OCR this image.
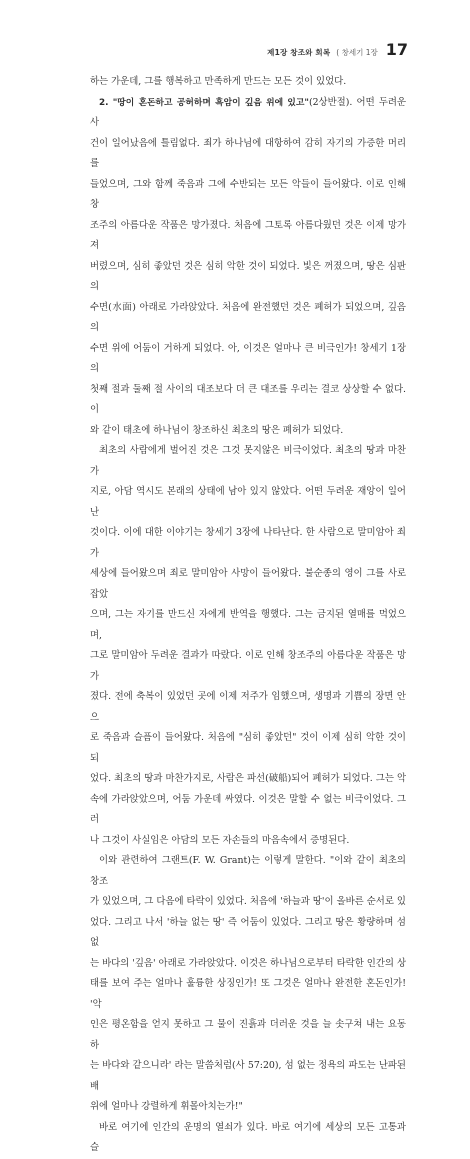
제1장 창조와 회복 ( 창세기 1장 17
하는 가운데, 그를 행복하고 만족하게 만드는 모든 것이 있었다.
2. "땅이 혼돈하고 공허하며 흑암이 깊음 위에 있고"(2상반절). 어떤 두려운 사
건이 일어났음에 틀림없다. 죄가 하나님에 대항하여 감히 자기의 가증한 머리를
들었으며, 그와 함께 죽음과 그에 수반되는 모든 악들이 들어왔다. 이로 인해 창
조주의 아름다운 작품은 망가졌다. 처음에 그토록 아름다웠던 것은 이제 망가져
버렸으며, 심히 좋았던 것은 심히 악한 것이 되었다. 빛은 꺼졌으며, 땅은 심판의
수면(水面) 아래로 가라앉았다. 처음에 완전했던 것은 폐허가 되었으며, 깊음의
수면 위에 어둠이 거하게 되었다. 아, 이것은 얼마나 큰 비극인가! 창세기 1장의
첫째 절과 둘째 절 사이의 대조보다 더 큰 대조를 우리는 결코 상상할 수 없다. 이
와 같이 태초에 하나님이 창조하신 최초의 땅은 폐허가 되었다.
최초의 사람에게 벌어진 것은 그것 못지않은 비극이었다. 최초의 땅과 마찬가
지로, 아담 역시도 본래의 상태에 남아 있지 않았다. 어떤 두려운 재앙이 일어난
것이다. 이에 대한 이야기는 창세기 3장에 나타난다. 한 사람으로 말미암아 죄가
세상에 들어왔으며 죄로 말미암아 사망이 들어왔다. 불순종의 영이 그를 사로잡았
으며, 그는 자기를 만드신 자에게 반역을 행했다. 그는 금지된 열매를 먹었으며,
그로 말미암아 두려운 결과가 따랐다. 이로 인해 창조주의 아름다운 작품은 망가
졌다. 전에 축복이 있었던 곳에 이제 저주가 임했으며, 생명과 기쁨의 장면 안으
로 죽음과 슬픔이 들어왔다. 처음에 "심히 좋았던" 것이 이제 심히 악한 것이 되
었다. 최초의 땅과 마찬가지로, 사람은 파선(破船)되어 폐허가 되었다. 그는 악
속에 가라앉았으며, 어둠 가운데 싸였다. 이것은 말할 수 없는 비극이었다. 그러
나 그것이 사실임은 아담의 모든 자손들의 마음속에서 증명된다.
이와 관련하여 그랜트(F. W. Grant)는 이렇게 말한다. "이와 같이 최초의 창조
가 있었으며, 그 다음에 타락이 있었다. 처음에 '하늘과 땅'이 올바른 순서로 있
었다. 그리고 나서 '하늘 없는 땅' 즉 어둠이 있었다. 그리고 땅은 황량하며 섬 없
는 바다의 '깊음' 아래로 가라앉았다. 이것은 하나님으로부터 타락한 인간의 상
태를 보여 주는 얼마나 훌륭한 상징인가! 또 그것은 얼마나 완전한 혼돈인가! '악
인은 평온함을 얻지 못하고 그 물이 진흙과 더러운 것을 늘 솟구쳐 내는 요동하
는 바다와 같으니라' 라는 말씀처럼(사 57:20), 섬 없는 정욕의 파도는 난파된 배
위에 얼마나 강렬하게 휘몰아치는가!"
바로 여기에 인간의 운명의 열쇠가 있다. 바로 여기에 세상의 모든 고통과 슬
